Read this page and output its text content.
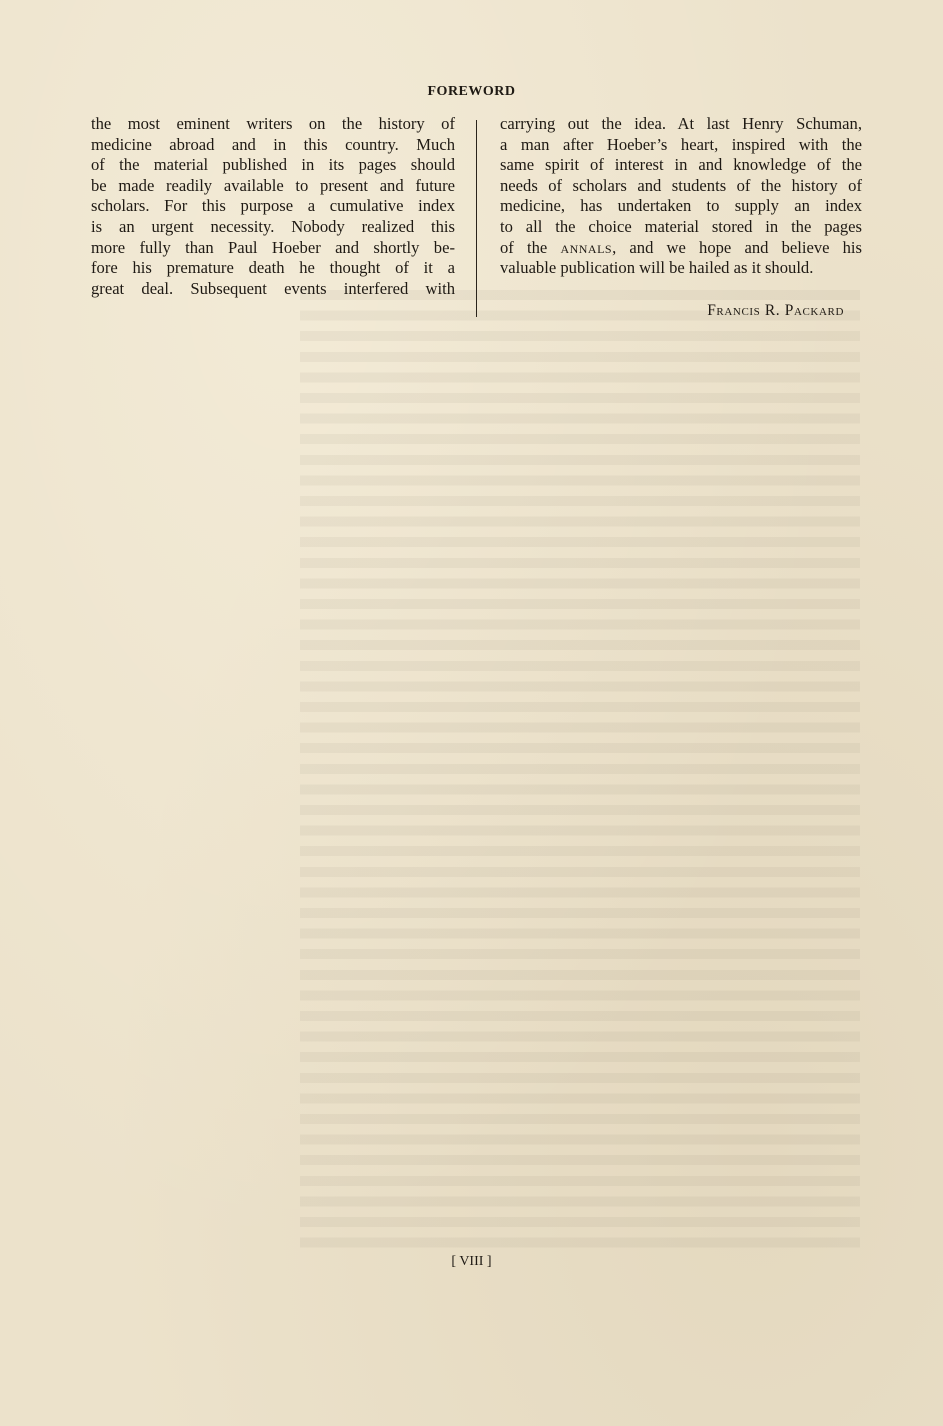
FOREWORD
the most eminent writers on the history of
medicine abroad and in this country. Much
of the material published in its pages should
be made readily available to present and future
scholars. For this purpose a cumulative index
is an urgent necessity. Nobody realized this
more fully than Paul Hoeber and shortly be-
fore his premature death he thought of it a
great deal. Subsequent events interfered with
carrying out the idea. At last Henry Schuman,
a man after Hoeber’s heart, inspired with the
same spirit of interest in and knowledge of the
needs of scholars and students of the history of
medicine, has undertaken to supply an index
to all the choice material stored in the pages
of the annals, and we hope and believe his
valuable publication will be hailed as it should.
Francis R. Packard
[ VIII ]
